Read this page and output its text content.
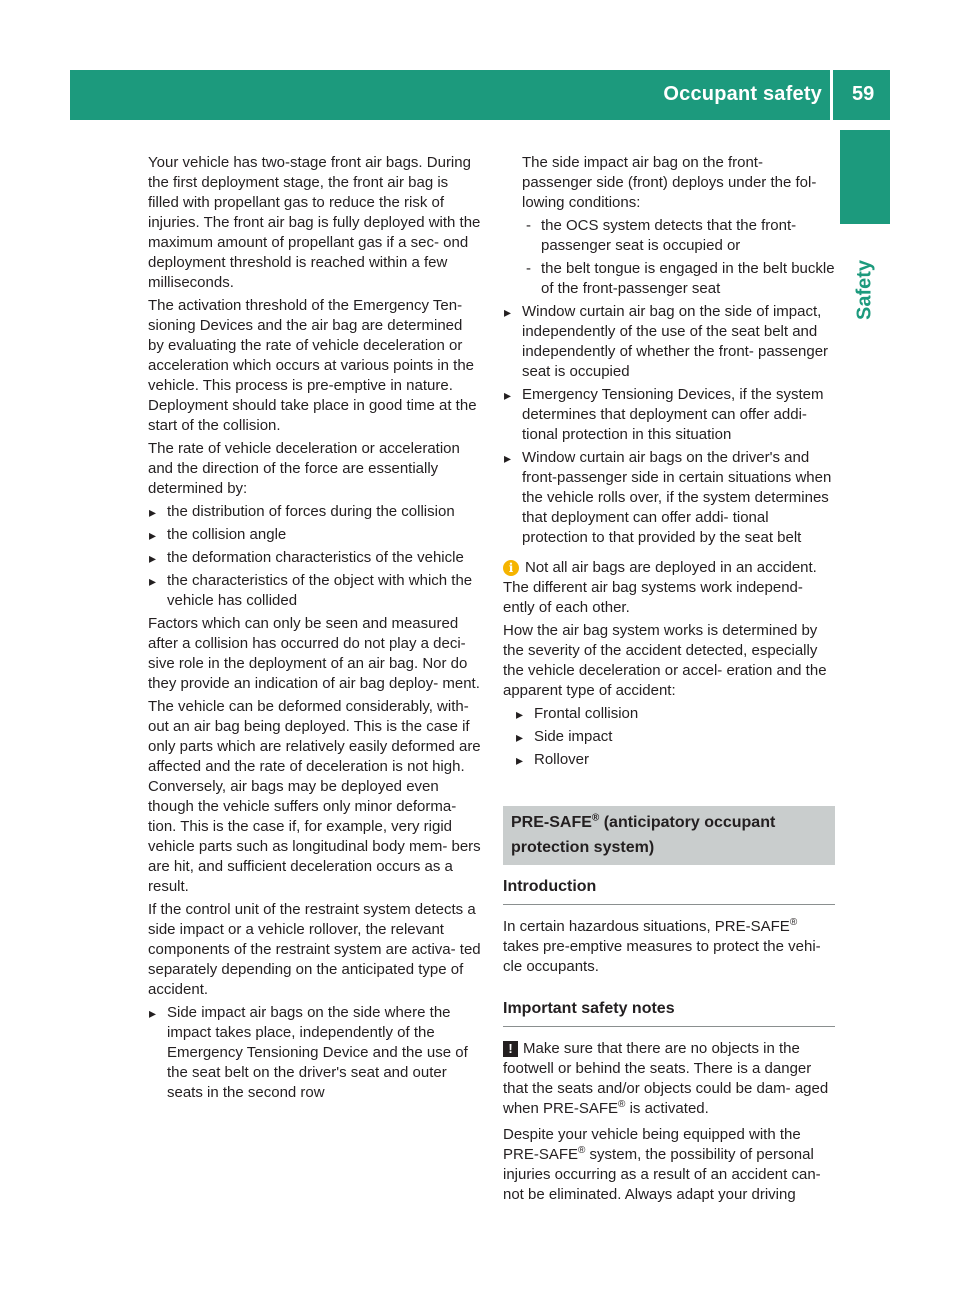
Occupant safety 59
Safety

Your vehicle has two-stage front air bags. During the first deployment stage, the front air bag is filled with propellant gas to reduce the risk of injuries. The front air bag is fully deployed with the maximum amount of propellant gas if a sec- ond deployment threshold is reached within a few milliseconds.

The activation threshold of the Emergency Ten- sioning Devices and the air bag are determined by evaluating the rate of vehicle deceleration or acceleration which occurs at various points in the vehicle. This process is pre-emptive in nature. Deployment should take place in good time at the start of the collision.

The rate of vehicle deceleration or acceleration and the direction of the force are essentially determined by:

▸ the distribution of forces during the collision
▸ the collision angle
▸ the deformation characteristics of the vehicle
▸ the characteristics of the object with which the vehicle has collided

Factors which can only be seen and measured after a collision has occurred do not play a deci- sive role in the deployment of an air bag. Nor do they provide an indication of air bag deploy- ment.

The vehicle can be deformed considerably, with- out an air bag being deployed. This is the case if only parts which are relatively easily deformed are affected and the rate of deceleration is not high. Conversely, air bags may be deployed even though the vehicle suffers only minor deforma- tion. This is the case if, for example, very rigid vehicle parts such as longitudinal body mem- bers are hit, and sufficient deceleration occurs as a result.

If the control unit of the restraint system detects a side impact or a vehicle rollover, the relevant components of the restraint system are activa- ted separately depending on the anticipated type of accident.

▸ Side impact air bags on the side where the impact takes place, independently of the Emergency Tensioning Device and the use of the seat belt on the driver's seat and outer seats in the second row

The side impact air bag on the front- passenger side (front) deploys under the fol- lowing conditions:

- the OCS system detects that the front- passenger seat is occupied or
- the belt tongue is engaged in the belt buckle of the front-passenger seat
▸ Window curtain air bag on the side of impact, independently of the use of the seat belt and independently of whether the front- passenger seat is occupied
▸ Emergency Tensioning Devices, if the system determines that deployment can offer addi- tional protection in this situation
▸ Window curtain air bags on the driver's and front-passenger side in certain situations when the vehicle rolls over, if the system determines that deployment can offer addi- tional protection to that provided by the seat belt
i Not all air bags are deployed in an accident. The different air bag systems work independ- ently of each other.

How the air bag system works is determined by the severity of the accident detected, especially the vehicle deceleration or accel- eration and the apparent type of accident:

▸ Frontal collision
▸ Side impact
▸ Rollover
PRE-SAFE® (anticipatory occupant protection system)
Introduction

In certain hazardous situations, PRE-SAFE® takes pre-emptive measures to protect the vehi- cle occupants.

Important safety notes
! Make sure that there are no objects in the footwell or behind the seats. There is a danger that the seats and/or objects could be dam- aged when PRE-SAFE® is activated.

Despite your vehicle being equipped with the PRE-SAFE® system, the possibility of personal injuries occurring as a result of an accident can- not be eliminated. Always adapt your driving
